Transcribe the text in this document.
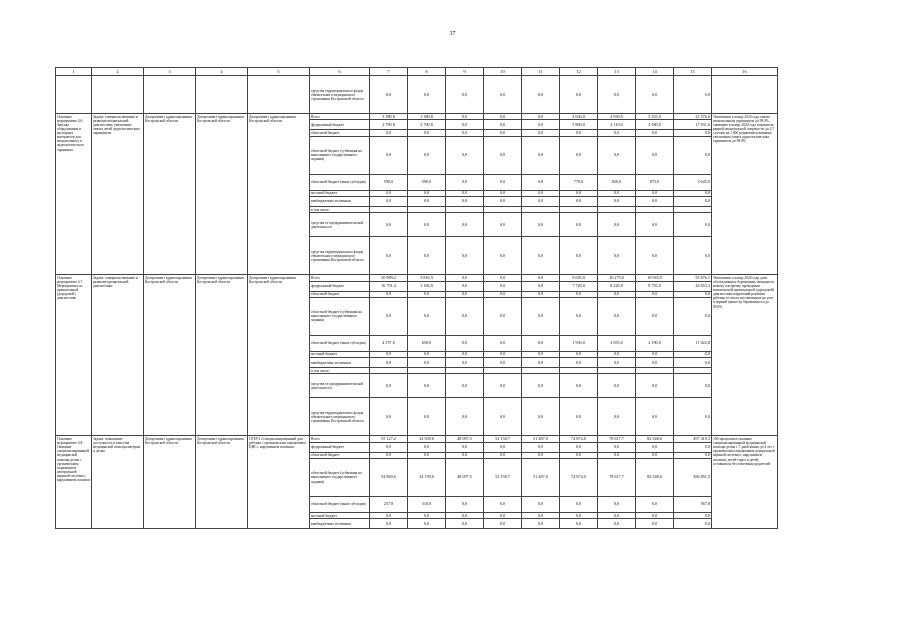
37
1	2	3	4	5	6	7	8	9	10	11	12	13	14	15	16
					средства территориального фонда обязательного медицинского страхования Костромской области	0,0	0,0	0,0	0,0	0,0	0,0	0,0	0,0	0,0	
Основное мероприятие 4.6. Закупка оборудования и расходных материалов для неонатального и аудиологического скрининга	Задача: совершенствование и развитие неонатальной диагностики, увеличение охвата детей аудиологическим скринингом	Департамент здравоохранения Костромской области	Департамент здравоохранения Костромской области	Департамент здравоохранения Костромской области	Всего	3 380,8	3 380,8	0,0	0,0	0,0	4 630,0	4 930,0	5 255,0	21 576,6	Увеличение к концу 2020 года охвата неонатальным скринингом до 99,0%, снижение к концу 2020 года показателя ранней неонатальной смертности до 2,7 случаев на 1 000 родившихся живыми, увеличение охвата аудиологическим скринингом до 99,0%
					федеральный бюджет	2 790,8	2 790,8	0,0	0,0	0,0	3 860,0	4 110,0	4 380,0	17 931,6	
					областной бюджет	0,0	0,0	0,0	0,0	0,0	0,0	0,0	0,0	0,0	
					областной бюджет (субвенция на выполнение государственного задания)	0,0	0,0	0,0	0,0	0,0	0,0	0,0	0,0	0,0	
					областной бюджет (иные субсидии)	590,0	590,0	0,0	0,0	0,0	770,0	820,0	875,0	3 645,0	
					местный бюджет	0,0	0,0	0,0	0,0	0,0	0,0	0,0	0,0	0,0	
					внебюджетные источники	0,0	0,0	0,0	0,0	0,0	0,0	0,0	0,0	0,0	
					в том числе:										
					средства от предпринимательской деятельности	0,0	0,0	0,0	0,0	0,0	0,0	0,0	0,0	0,0	
					средства территориального фонда обязательного медицинского страхования Костромской области	0,0	0,0	0,0	0,0	0,0	0,0	0,0	0,0	0,0	
Основное мероприятие 4.7. Мероприятия по пренатальной (дородовой) диагностике	Задача: совершенствование и развитие пренатальной диагностики	Департамент здравоохранения Костромской области	Департамент здравоохранения Костромской области	Департамент здравоохранения Костромской области	Всего	20 989,2	3 816,9	0,0	0,0	0,0	9 650,0	10 275,0	10 945,0	55 676,1	Увеличение к концу 2020 года доли обследованных беременных женщин по новому алгоритму проведения комплексной пренатальной (дородовой) диагностики нарушений развития ребенка от числа поставленных на учет в первый триместр беременности до 80,0%
					федеральный бюджет	16 791,4	3 166,9	0,0	0,0	0,0	7 720,0	8 220,0	8 755,0	44 653,3	
					областной бюджет	0,0	0,0	0,0	0,0	0,0	0,0	0,0	0,0	0,0	
					областной бюджет (субвенция на выполнение государственного задания)	0,0	0,0	0,0	0,0	0,0	0,0	0,0	0,0	0,0	
					областной бюджет (иные субсидии)	4 197,8	650,0	0,0	0,0	0,0	1 930,0	2 055,0	2 190,0	11 022,8	
					местный бюджет	0,0	0,0	0,0	0,0	0,0	0,0	0,0	0,0	0,0	
					внебюджетные источники	0,0	0,0	0,0	0,0	0,0	0,0	0,0	0,0	0,0	
					в том числе:										
					средства от предпринимательской деятельности	0,0	0,0	0,0	0,0	0,0	0,0	0,0	0,0	0,0	
					средства территориального фонда обязательного медицинского страхования Костромской области	0,0	0,0	0,0	0,0	0,0	0,0	0,0	0,0	0,0	
Основное мероприятие 4.8. Оказание специализированной медицинской помощи детям с органическим поражением центральной нервной системы с нарушением психики	Задача: повышение доступности и качества медицинской помощи матерям и детям	Департамент здравоохранения Костромской области	Департамент здравоохранения Костромской области	ОГБУЗ «Специализированный дом ребенка с органическим поражением ЦНС с нарушением психики»	Всего	55 127,2	34 509,6	48 097,5	52 158,7	51 487,0	74 874,0	78 617,7	82 548,6	497 419,3	100-процентное оказание специализированной медицинской помощи детям с 7 дней жизни до 4 лет с органическим поражением центральной нервной системы с нарушением психики, детей-сирот и детей, оставшихся без попечения родителей
					федеральный бюджет	0,0	0,0	0,0	0,0	0,0	0,0	0,0	0,0	0,0	
					областной бюджет	0,0	0,0	0,0	0,0	0,0	0,0	0,0	0,0	0,0	
					областной бюджет (субвенция на выполнение государственного задания)	54 869,6	34 199,6	48 097,5	52 158,7	51 487,0	74 874,0	78 617,7	82 548,6	496 851,5	
					областной бюджет (иные субсидии)	257,8	310,0	0,0	0,0	0,0	0,0	0,0	0,0	567,8	
					местный бюджет	0,0	0,0	0,0	0,0	0,0	0,0	0,0	0,0	0,0	
					внебюджетные источники	0,0	0,0	0,0	0,0	0,0	0,0	0,0	0,0	0,0	
